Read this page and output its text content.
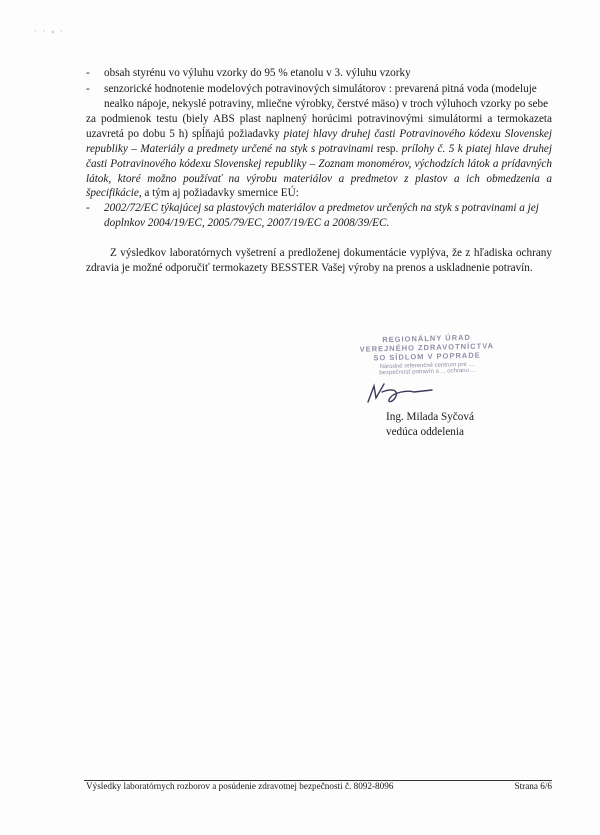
· · ⸗ ·
- obsah styrénu vo výluhu vzorky do 95 % etanolu v 3. výluhu vzorky
- senzorické hodnotenie modelových potravinových simulátorov : prevarená pitná voda (modeluje nealko nápoje, nekyslé potraviny, mliečne výrobky, čerstvé mäso) v troch výluhoch vzorky po sebe
za podmienok testu (biely ABS plast naplnený horúcimi potravinovými simulátormi a termokazeta uzavretá po dobu 5 h) spĺňajú požiadavky piatej hlavy druhej časti Potravinového kódexu Slovenskej republiky – Materiály a predmety určené na styk s potravinami resp. prílohy č. 5 k piatej hlave druhej časti Potravinového kódexu Slovenskej republiky – Zoznam monomérov, východzích látok a prídavných látok, ktoré možno používať na výrobu materiálov a predmetov z plastov a ich obmedzenia a špecifikácie, a tým aj požiadavky smernice EÚ:
- 2002/72/EC týkajúcej sa plastových materiálov a predmetov určených na styk s potravinami a jej doplnkov 2004/19/EC, 2005/79/EC, 2007/19/EC a 2008/39/EC.
Z výsledkov laboratórnych vyšetrení a predloženej dokumentácie vyplýva, že z hľadiska ochrany zdravia je možné odporučiť termokazety BESSTER Vašej výroby na prenos a uskladnenie potravín.
REGIONÁLNY ÚRAD
VEREJNÉHO ZDRAVOTNÍCTVA
SO SÍDLOM V POPRADE
Národné referenčné centrum pre ....
bezpečnosť potravín a ... ochranu ...
Ing. Milada Syčová
vedúca oddelenia
Výsledky laboratórnych rozborov a posúdenie zdravotnej bezpečnosti č. 8092-8096	Strana 6/6
